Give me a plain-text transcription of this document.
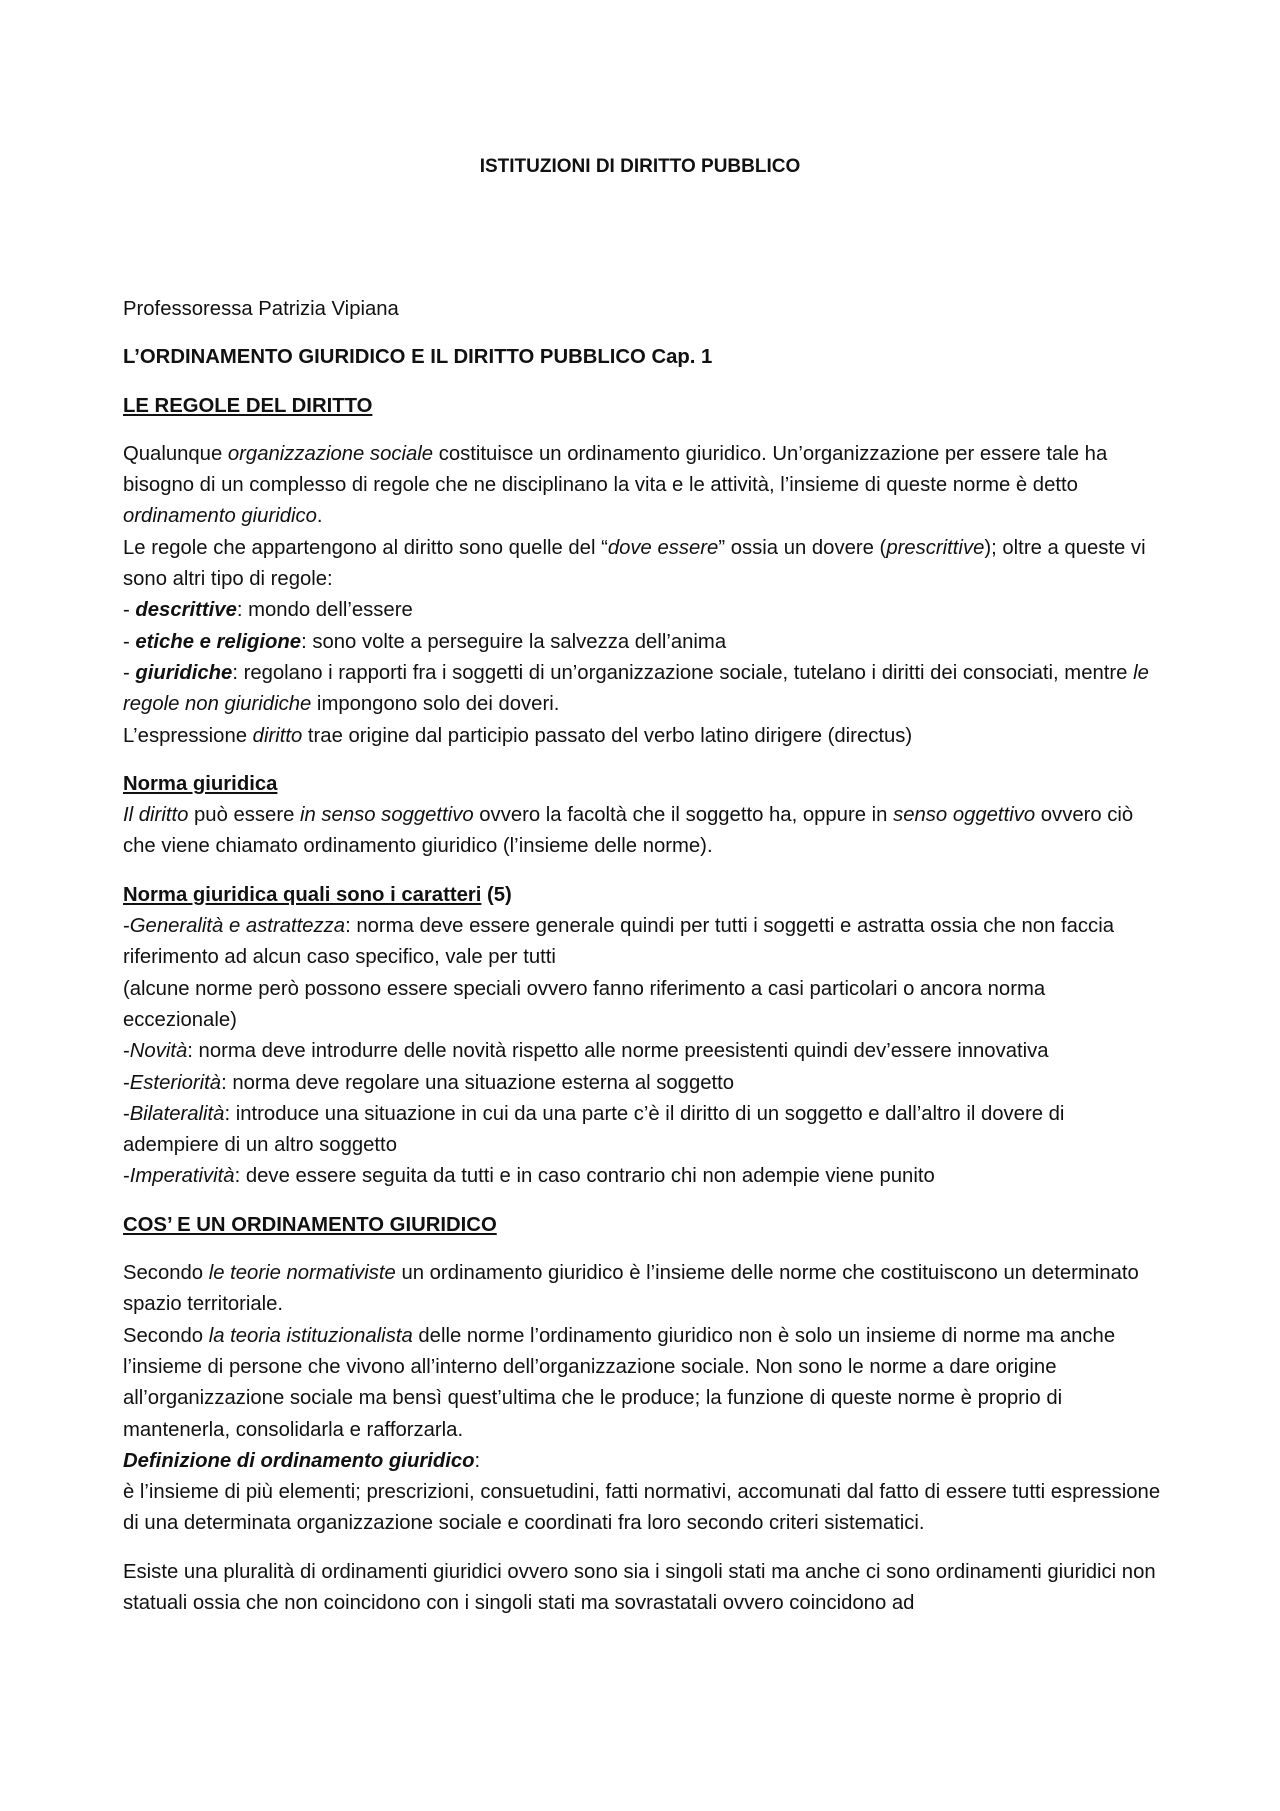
ISTITUZIONI DI DIRITTO PUBBLICO

Professoressa Patrizia Vipiana

L’ORDINAMENTO GIURIDICO E IL DIRITTO PUBBLICO Cap. 1

LE REGOLE DEL DIRITTO

Qualunque organizzazione sociale costituisce un ordinamento giuridico. Un’organizzazione per essere tale ha bisogno di un complesso di regole che ne disciplinano la vita e le attività, l’insieme di queste norme è detto ordinamento giuridico.

Le regole che appartengono al diritto sono quelle del “dove essere” ossia un dovere (prescrittive); oltre a queste vi sono altri tipo di regole:

- descrittive: mondo dell’essere

- etiche e religione: sono volte a perseguire la salvezza dell’anima

- giuridiche: regolano i rapporti fra i soggetti di un’organizzazione sociale, tutelano i diritti dei consociati, mentre le regole non giuridiche impongono solo dei doveri.

L’espressione diritto trae origine dal participio passato del verbo latino dirigere (directus)

Norma giuridica

Il diritto può essere in senso soggettivo ovvero la facoltà che il soggetto ha, oppure in senso oggettivo ovvero ciò che viene chiamato ordinamento giuridico (l’insieme delle norme).

Norma giuridica quali sono i caratteri (5)

-Generalità e astrattezza: norma deve essere generale quindi per tutti i soggetti e astratta ossia che non faccia riferimento ad alcun caso specifico, vale per tutti

(alcune norme però possono essere speciali ovvero fanno riferimento a casi particolari o ancora norma eccezionale)

-Novità: norma deve introdurre delle novità rispetto alle norme preesistenti quindi dev’essere innovativa

-Esteriorità: norma deve regolare una situazione esterna al soggetto

-Bilateralità: introduce una situazione in cui da una parte c’è il diritto di un soggetto e dall’altro il dovere di adempiere di un altro soggetto

-Imperatività: deve essere seguita da tutti e in caso contrario chi non adempie viene punito

COS’ E UN ORDINAMENTO GIURIDICO

Secondo le teorie normativiste un ordinamento giuridico è l’insieme delle norme che costituiscono un determinato spazio territoriale.

Secondo la teoria istituzionalista delle norme l’ordinamento giuridico non è solo un insieme di norme ma anche l’insieme di persone che vivono all’interno dell’organizzazione sociale. Non sono le norme a dare origine all’organizzazione sociale ma bensì quest’ultima che le produce; la funzione di queste norme è proprio di mantenerla, consolidarla e rafforzarla.

Definizione di ordinamento giuridico:

è l’insieme di più elementi; prescrizioni, consuetudini, fatti normativi, accomunati dal fatto di essere tutti espressione di una determinata organizzazione sociale e coordinati fra loro secondo criteri sistematici.

Esiste una pluralità di ordinamenti giuridici ovvero sono sia i singoli stati ma anche ci sono ordinamenti giuridici non statuali ossia che non coincidono con i singoli stati ma sovrastatali ovvero coincidono ad
